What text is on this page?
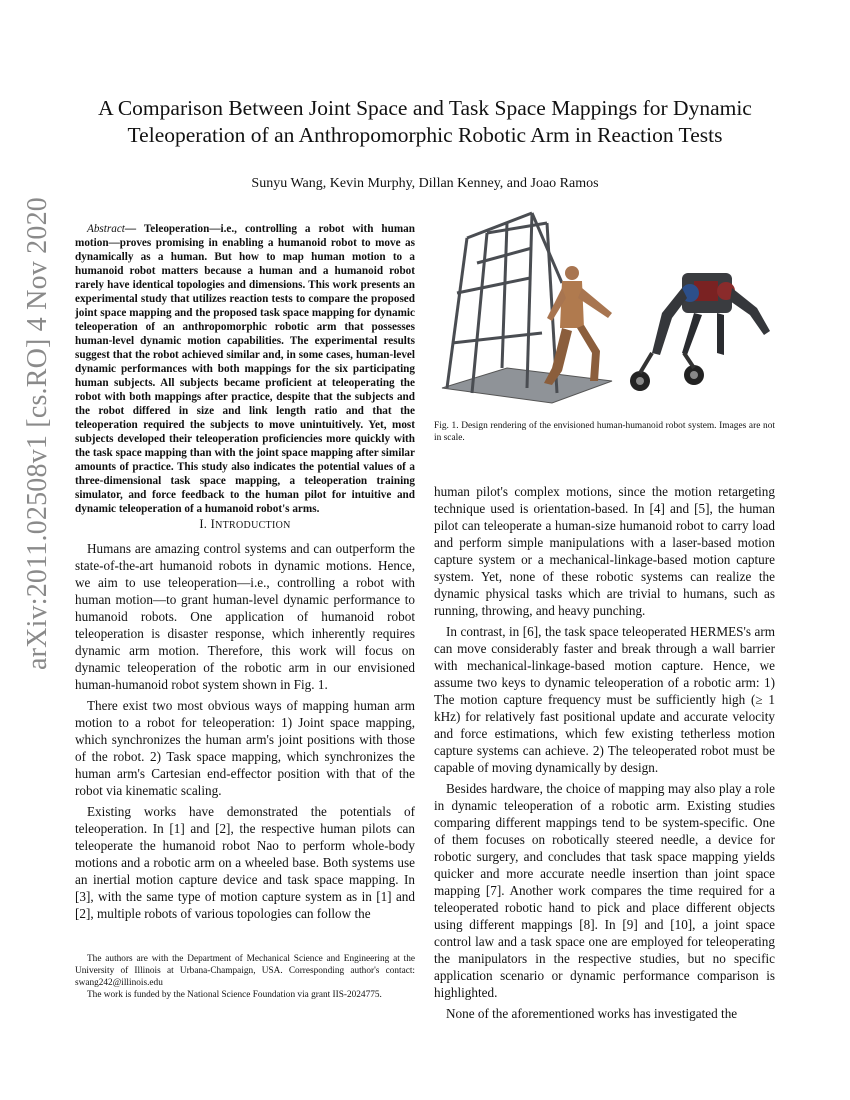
arXiv:2011.02508v1 [cs.RO] 4 Nov 2020
A Comparison Between Joint Space and Task Space Mappings for Dynamic Teleoperation of an Anthropomorphic Robotic Arm in Reaction Tests
Sunyu Wang, Kevin Murphy, Dillan Kenney, and Joao Ramos

Abstract— Teleoperation—i.e., controlling a robot with human motion—proves promising in enabling a humanoid robot to move as dynamically as a human. But how to map human motion to a humanoid robot matters because a human and a humanoid robot rarely have identical topologies and dimensions. This work presents an experimental study that utilizes reaction tests to compare the proposed joint space mapping and the proposed task space mapping for dynamic teleoperation of an anthropomorphic robotic arm that possesses human-level dynamic motion capabilities. The experimental results suggest that the robot achieved similar and, in some cases, human-level dynamic performances with both mappings for the six participating human subjects. All subjects became proficient at teleoperating the robot with both mappings after practice, despite that the subjects and the robot differed in size and link length ratio and that the teleoperation required the subjects to move unintuitively. Yet, most subjects developed their teleoperation proficiencies more quickly with the task space mapping than with the joint space mapping after similar amounts of practice. This study also indicates the potential values of a three-dimensional task space mapping, a teleoperation training simulator, and force feedback to the human pilot for intuitive and dynamic teleoperation of a humanoid robot's arms.

I. INTRODUCTION

Humans are amazing control systems and can outperform the state-of-the-art humanoid robots in dynamic motions. Hence, we aim to use teleoperation—i.e., controlling a robot with human motion—to grant human-level dynamic performance to humanoid robots. One application of humanoid robot teleoperation is disaster response, which inherently requires dynamic arm motion. Therefore, this work will focus on dynamic teleoperation of the robotic arm in our envisioned human-humanoid robot system shown in Fig. 1.

There exist two most obvious ways of mapping human arm motion to a robot for teleoperation: 1) Joint space mapping, which synchronizes the human arm's joint positions with those of the robot. 2) Task space mapping, which synchronizes the human arm's Cartesian end-effector position with that of the robot via kinematic scaling.

Existing works have demonstrated the potentials of teleoperation. In [1] and [2], the respective human pilots can teleoperate the humanoid robot Nao to perform whole-body motions and a robotic arm on a wheeled base. Both systems use an inertial motion capture device and task space mapping. In [3], with the same type of motion capture system as in [1] and [2], multiple robots of various topologies can follow the

The authors are with the Department of Mechanical Science and Engineering at the University of Illinois at Urbana-Champaign, USA. Corresponding author's contact: swang242@illinois.edu

The work is funded by the National Science Foundation via grant IIS-2024775.

Fig. 1. Design rendering of the envisioned human-humanoid robot system. Images are not in scale.

human pilot's complex motions, since the motion retargeting technique used is orientation-based. In [4] and [5], the human pilot can teleoperate a human-size humanoid robot to carry load and perform simple manipulations with a laser-based motion capture system or a mechanical-linkage-based motion capture system. Yet, none of these robotic systems can realize the dynamic physical tasks which are trivial to humans, such as running, throwing, and heavy punching.

In contrast, in [6], the task space teleoperated HERMES's arm can move considerably faster and break through a wall barrier with mechanical-linkage-based motion capture. Hence, we assume two keys to dynamic teleoperation of a robotic arm: 1) The motion capture frequency must be sufficiently high (≥ 1 kHz) for relatively fast positional update and accurate velocity and force estimations, which few existing tetherless motion capture systems can achieve. 2) The teleoperated robot must be capable of moving dynamically by design.

Besides hardware, the choice of mapping may also play a role in dynamic teleoperation of a robotic arm. Existing studies comparing different mappings tend to be system-specific. One of them focuses on robotically steered needle, a device for robotic surgery, and concludes that task space mapping yields quicker and more accurate needle insertion than joint space mapping [7]. Another work compares the time required for a teleoperated robotic hand to pick and place different objects using different mappings [8]. In [9] and [10], a joint space control law and a task space one are employed for teleoperating the manipulators in the respective studies, but no specific application scenario or dynamic performance comparison is highlighted.

None of the aforementioned works has investigated the
